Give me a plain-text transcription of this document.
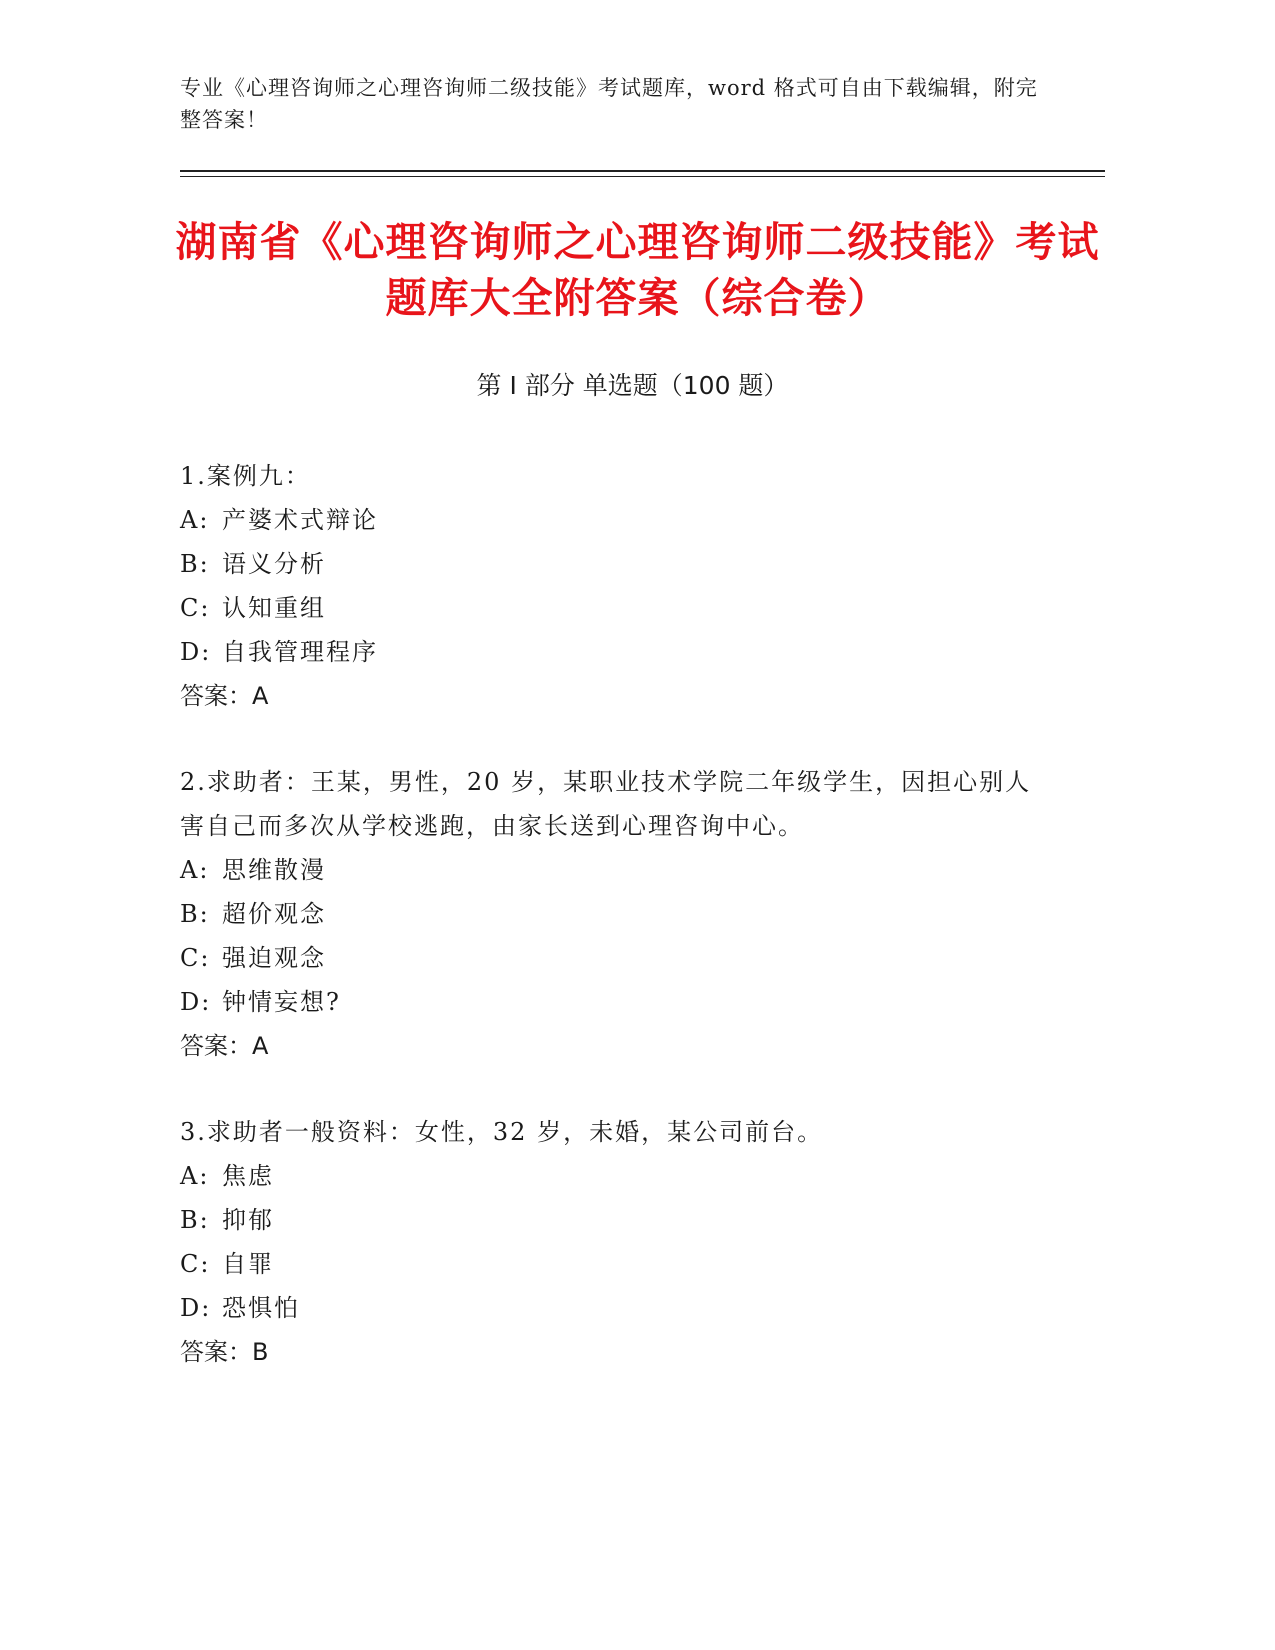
专业《心理咨询师之心理咨询师二级技能》考试题库，word 格式可自由下载编辑，附完整答案！
湖南省《心理咨询师之心理咨询师二级技能》考试题库大全附答案（综合卷）
第 I 部分 单选题（100 题）
1.案例九：
A: 产婆术式辩论
B: 语义分析
C: 认知重组
D: 自我管理程序
答案：A
2.求助者：王某，男性，20 岁，某职业技术学院二年级学生，因担心别人害自己而多次从学校逃跑，由家长送到心理咨询中心。
A: 思维散漫
B: 超价观念
C: 强迫观念
D: 钟情妄想?
答案：A
3.求助者一般资料：女性，32 岁，未婚，某公司前台。
A: 焦虑
B: 抑郁
C: 自罪
D: 恐惧怕
答案：B
